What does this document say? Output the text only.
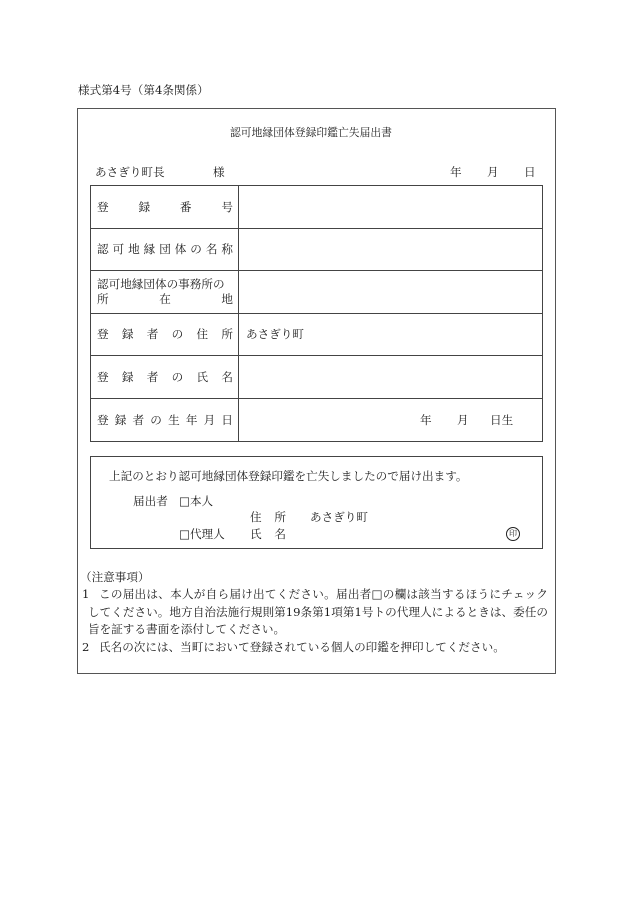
様式第4号（第4条関係）
認可地縁団体登録印鑑亡失届出書
あさぎり町長	様	年 月 日
登	録	番	号
認 可 地 縁 団 体 の 名 称
認可地縁団体の事務所の
所	在	地
登 録 者 の 住 所 あさぎり町
登 録 者 の 氏 名
登 録 者 の 生 年 月 日	年 月 日生
上記のとおり認可地縁団体登録印鑑を亡失しましたので届け出ます。
届出者 □本人
住 所 あさぎり町
□代理人 氏 名	印
（注意事項）
1 この届出は、本人が自ら届け出てください。届出者□の欄は該当するほうにチェック
してください。地方自治法施行規則第19条第1項第1号トの代理人によるときは、委任の
旨を証する書面を添付してください。
2 氏名の次には、当町において登録されている個人の印鑑を押印してください。
